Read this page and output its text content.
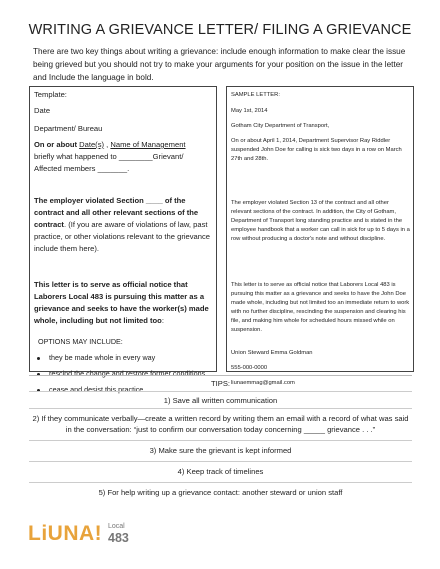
WRITING A GRIEVANCE LETTER/ FILING A GRIEVANCE
There are two key things about writing a grievance: include enough information to make clear the issue being grieved but you should not try to make your arguments for your position on the issue in the letter and Include the language in bold.

Template:

Date

Department/ Bureau

On or about Date(s) , Name of Management

briefly what happened to ________Grievant/

Affected members _______.

The employer violated Section ____ of the contract and all other relevant sections of the contract. (If you are aware of violations of law, past practice, or other violations relevant to the grievance include them here).

This letter is to serve as official notice that Laborers Local 483 is pursuing this matter as a grievance and seeks to have the worker(s) made whole, including but not limited too:

OPTIONS MAY INCLUDE:
they be made whole in every way
rescind the change and restore former conditions
cease and desist this practice

SAMPLE LETTER:

May 1st, 2014

Gotham City Department of Transport,

On or about April 1, 2014, Department Supervisor Ray Riddler suspended John Doe for calling is sick two days in a row on March 27th and 28th.

The employer violated Section 13 of the contract and all other relevant sections of the contract. In addition, the City of Gotham, Department of Transport long standing practice and is stated in the employee handbook that a worker can call in sick for up to 5 days in a row without producing a doctor's note and without discipline.

This letter is to serve as official notice that Laborers Local 483 is pursuing this matter as a grievance and seeks to have the John Doe made whole, including but not limited too an immediate return to work with no further discipline, rescinding the suspension and clearing his file, and making him whole for scheduled hours missed while on suspension.

Union Steward Emma Goldman

555-000-0000

liunaemmag@gmail.com

TIPS:
1) Save all written communication
2) If they communicate verbally—create a written record by writing them an email with a record of what was said in the conversation: “just to confirm our conversation today concerning _____ grievance . . .”
3) Make sure the grievant is kept informed
4) Keep track of timelines
5) For help writing up a grievance contact: another steward or union staff
LiUNA! Local
483
